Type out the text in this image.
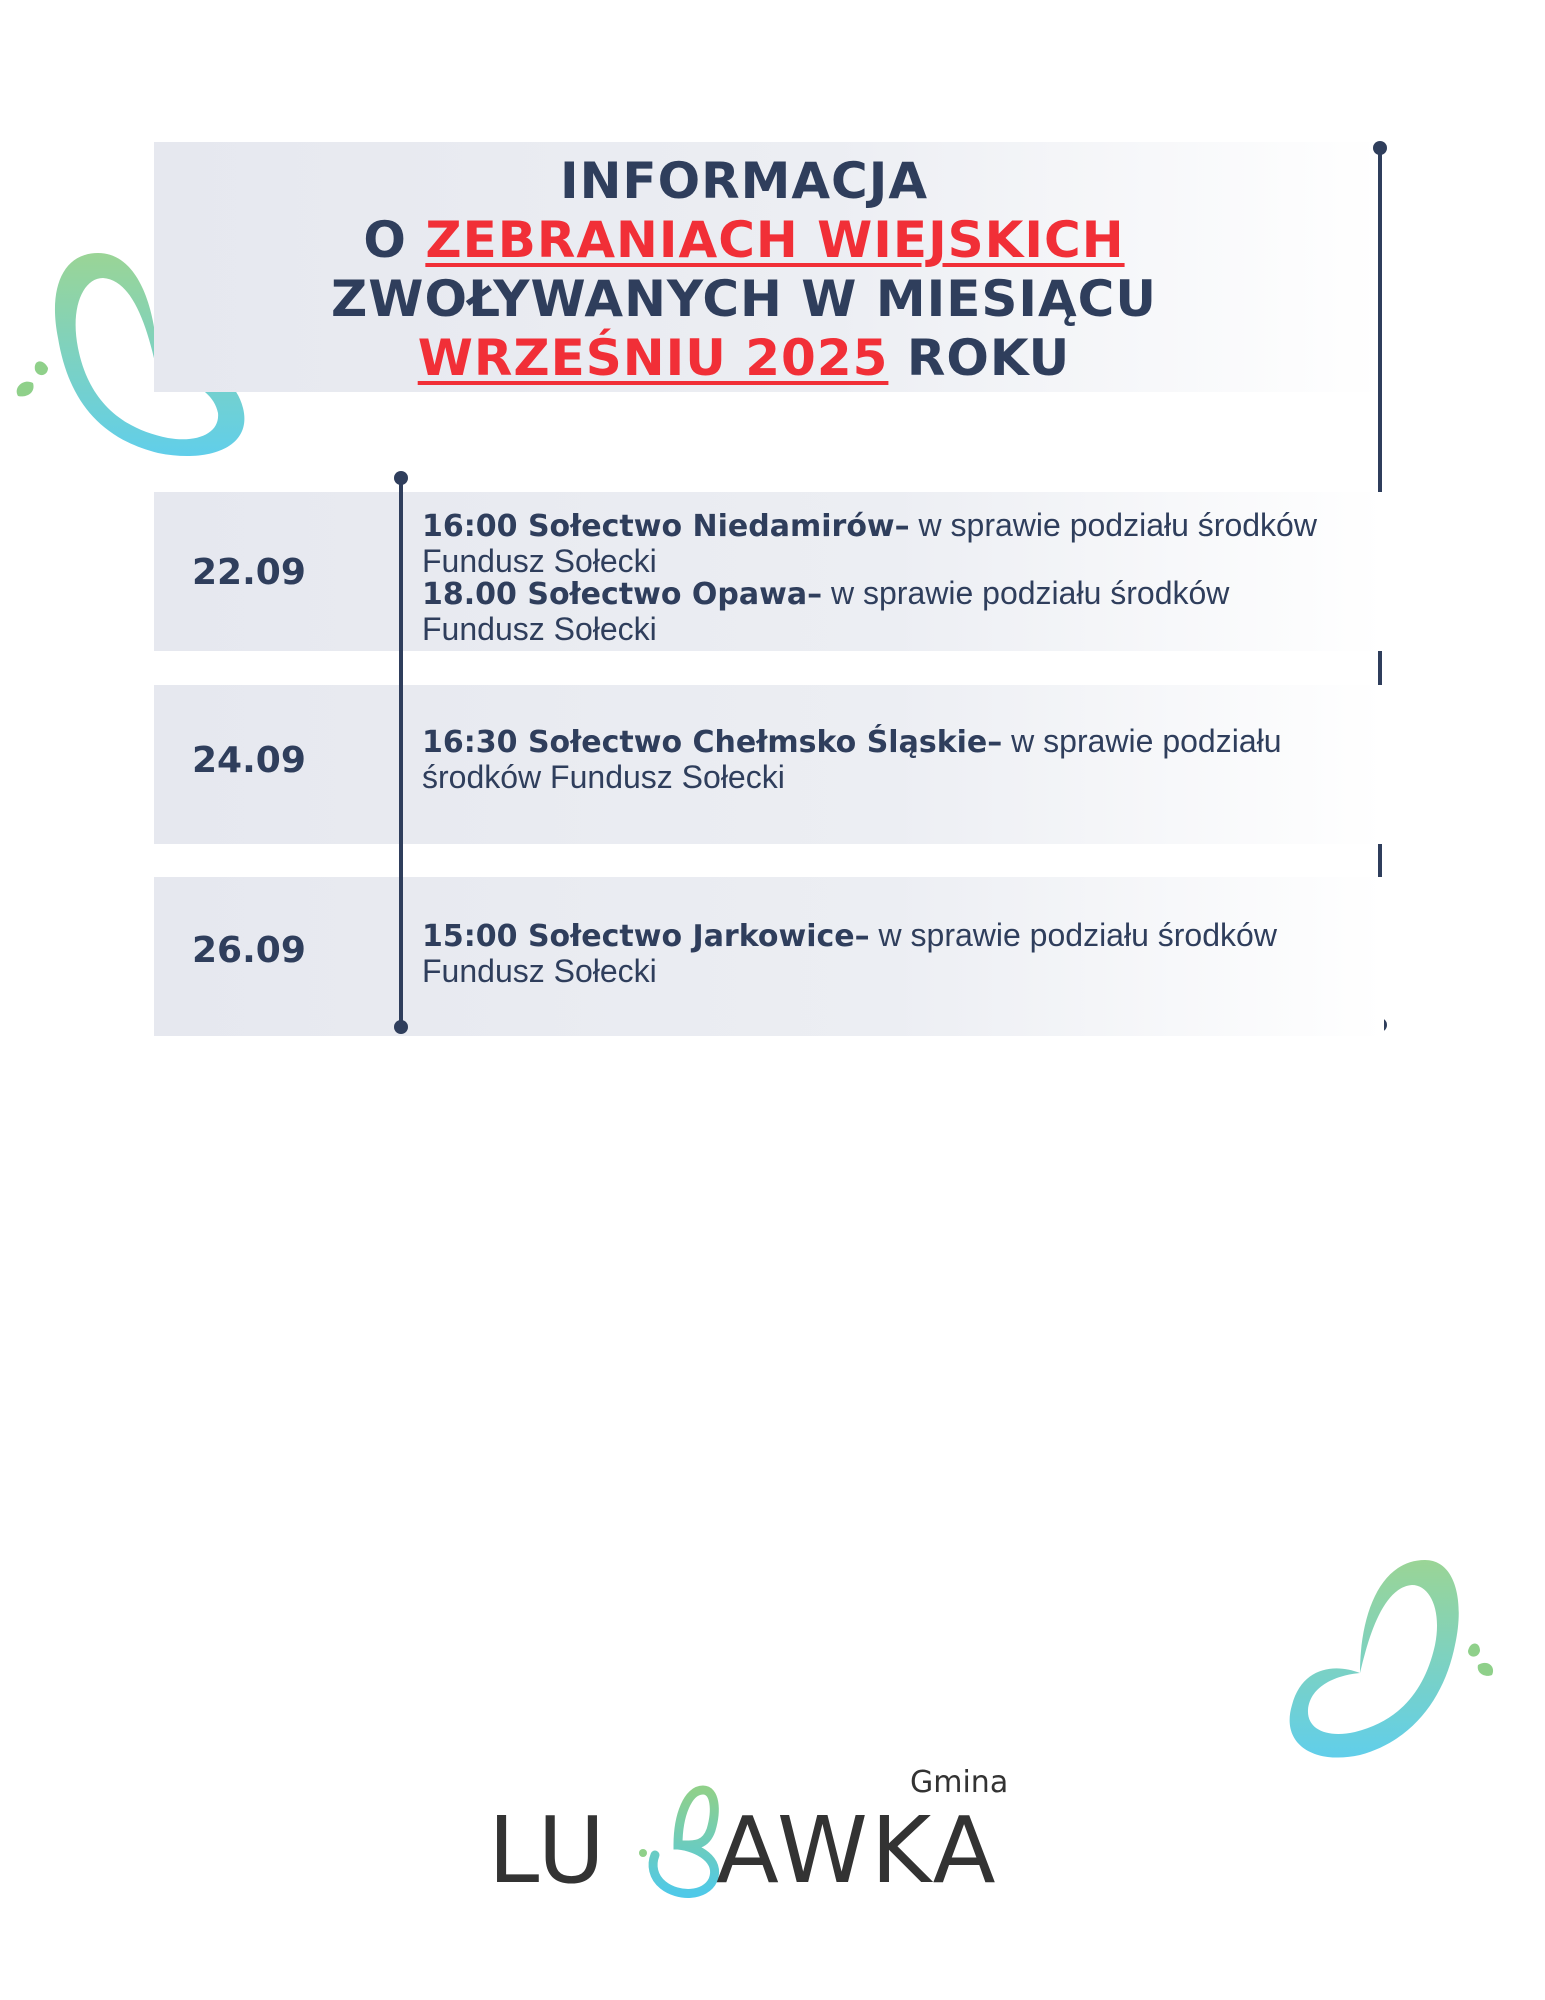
INFORMACJA
O ZEBRANIACH WIEJSKICH
ZWOŁYWANYCH W MIESIĄCU
WRZEŚNIU 2025 ROKU
22.09
16:00 Sołectwo Niedamirów– w sprawie podziału środków
Fundusz Sołecki
18.00 Sołectwo Opawa– w sprawie podziału środków
Fundusz Sołecki
24.09	16:30 Sołectwo Chełmsko Śląskie– w sprawie podziału
środków Fundusz Sołecki
26.09	15:00 Sołectwo Jarkowice– w sprawie podziału środków
Fundusz Sołecki
Gmina
LU AWKA
